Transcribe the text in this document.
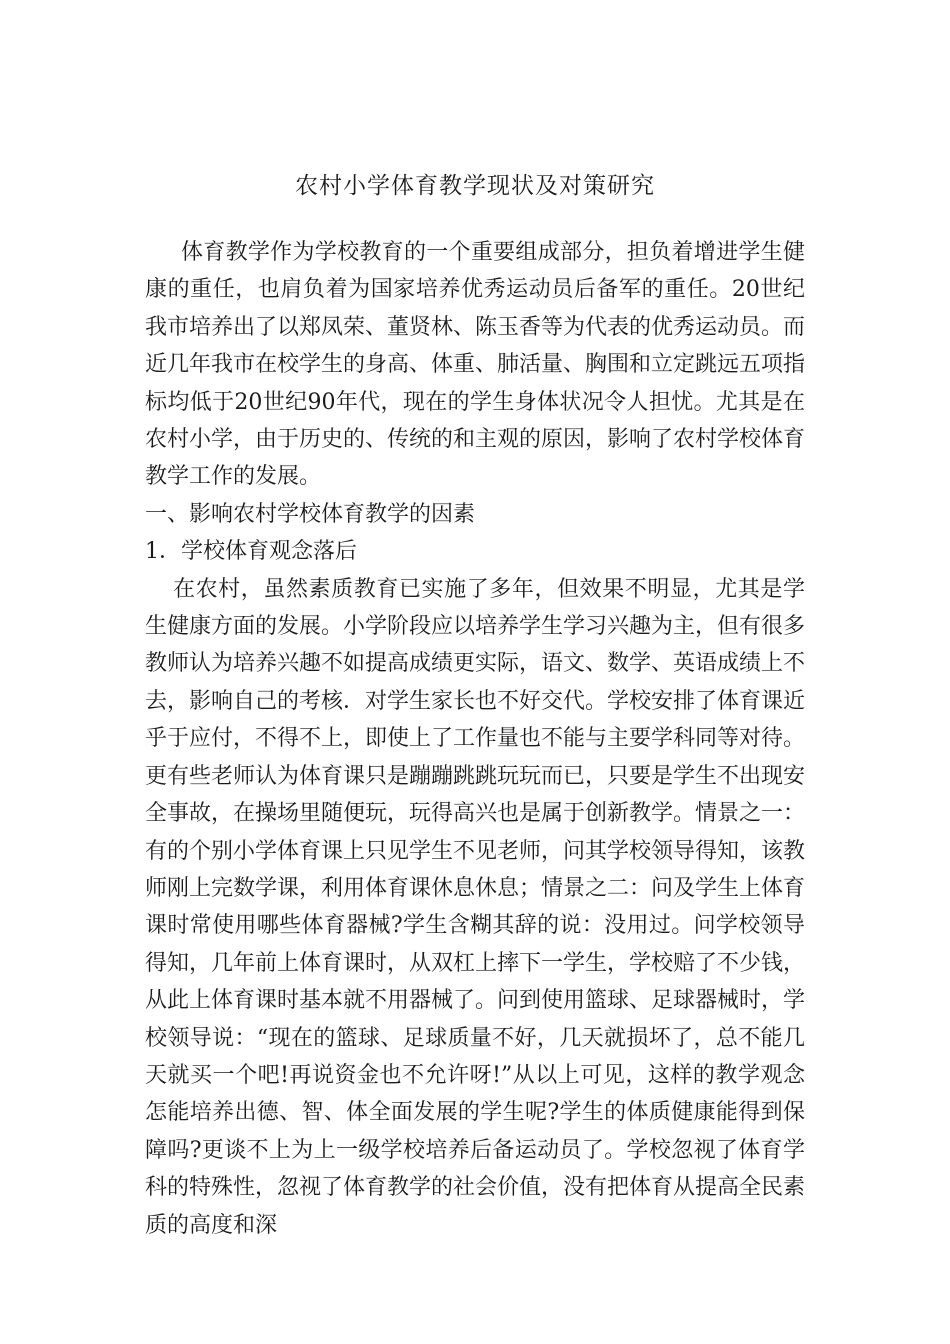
农村小学体育教学现状及对策研究

体育教学作为学校教育的一个重要组成部分，担负着增进学生健康的重任，也肩负着为国家培养优秀运动员后备军的重任。20世纪我市培养出了以郑凤荣、董贤林、陈玉香等为代表的优秀运动员。而近几年我市在校学生的身高、体重、肺活量、胸围和立定跳远五项指标均低于20世纪90年代，现在的学生身体状况令人担忧。尤其是在农村小学，由于历史的、传统的和主观的原因，影响了农村学校体育教学工作的发展。

一、影响农村学校体育教学的因素

1．学校体育观念落后

在农村，虽然素质教育已实施了多年，但效果不明显，尤其是学生健康方面的发展。小学阶段应以培养学生学习兴趣为主，但有很多教师认为培养兴趣不如提高成绩更实际，语文、数学、英语成绩上不去，影响自己的考核．对学生家长也不好交代。学校安排了体育课近乎于应付，不得不上，即使上了工作量也不能与主要学科同等对待。更有些老师认为体育课只是蹦蹦跳跳玩玩而已，只要是学生不出现安全事故，在操场里随便玩，玩得高兴也是属于创新教学。情景之一：有的个别小学体育课上只见学生不见老师，问其学校领导得知，该教师刚上完数学课，利用体育课休息休息；情景之二：问及学生上体育课时常使用哪些体育器械?学生含糊其辞的说：没用过。问学校领导得知，几年前上体育课时，从双杠上摔下一学生，学校赔了不少钱，从此上体育课时基本就不用器械了。问到使用篮球、足球器械时，学校领导说：“现在的篮球、足球质量不好，几天就损坏了，总不能几天就买一个吧!再说资金也不允许呀!”从以上可见，这样的教学观念怎能培养出德、智、体全面发展的学生呢?学生的体质健康能得到保障吗?更谈不上为上一级学校培养后备运动员了。学校忽视了体育学科的特殊性，忽视了体育教学的社会价值，没有把体育从提高全民素质的高度和深
